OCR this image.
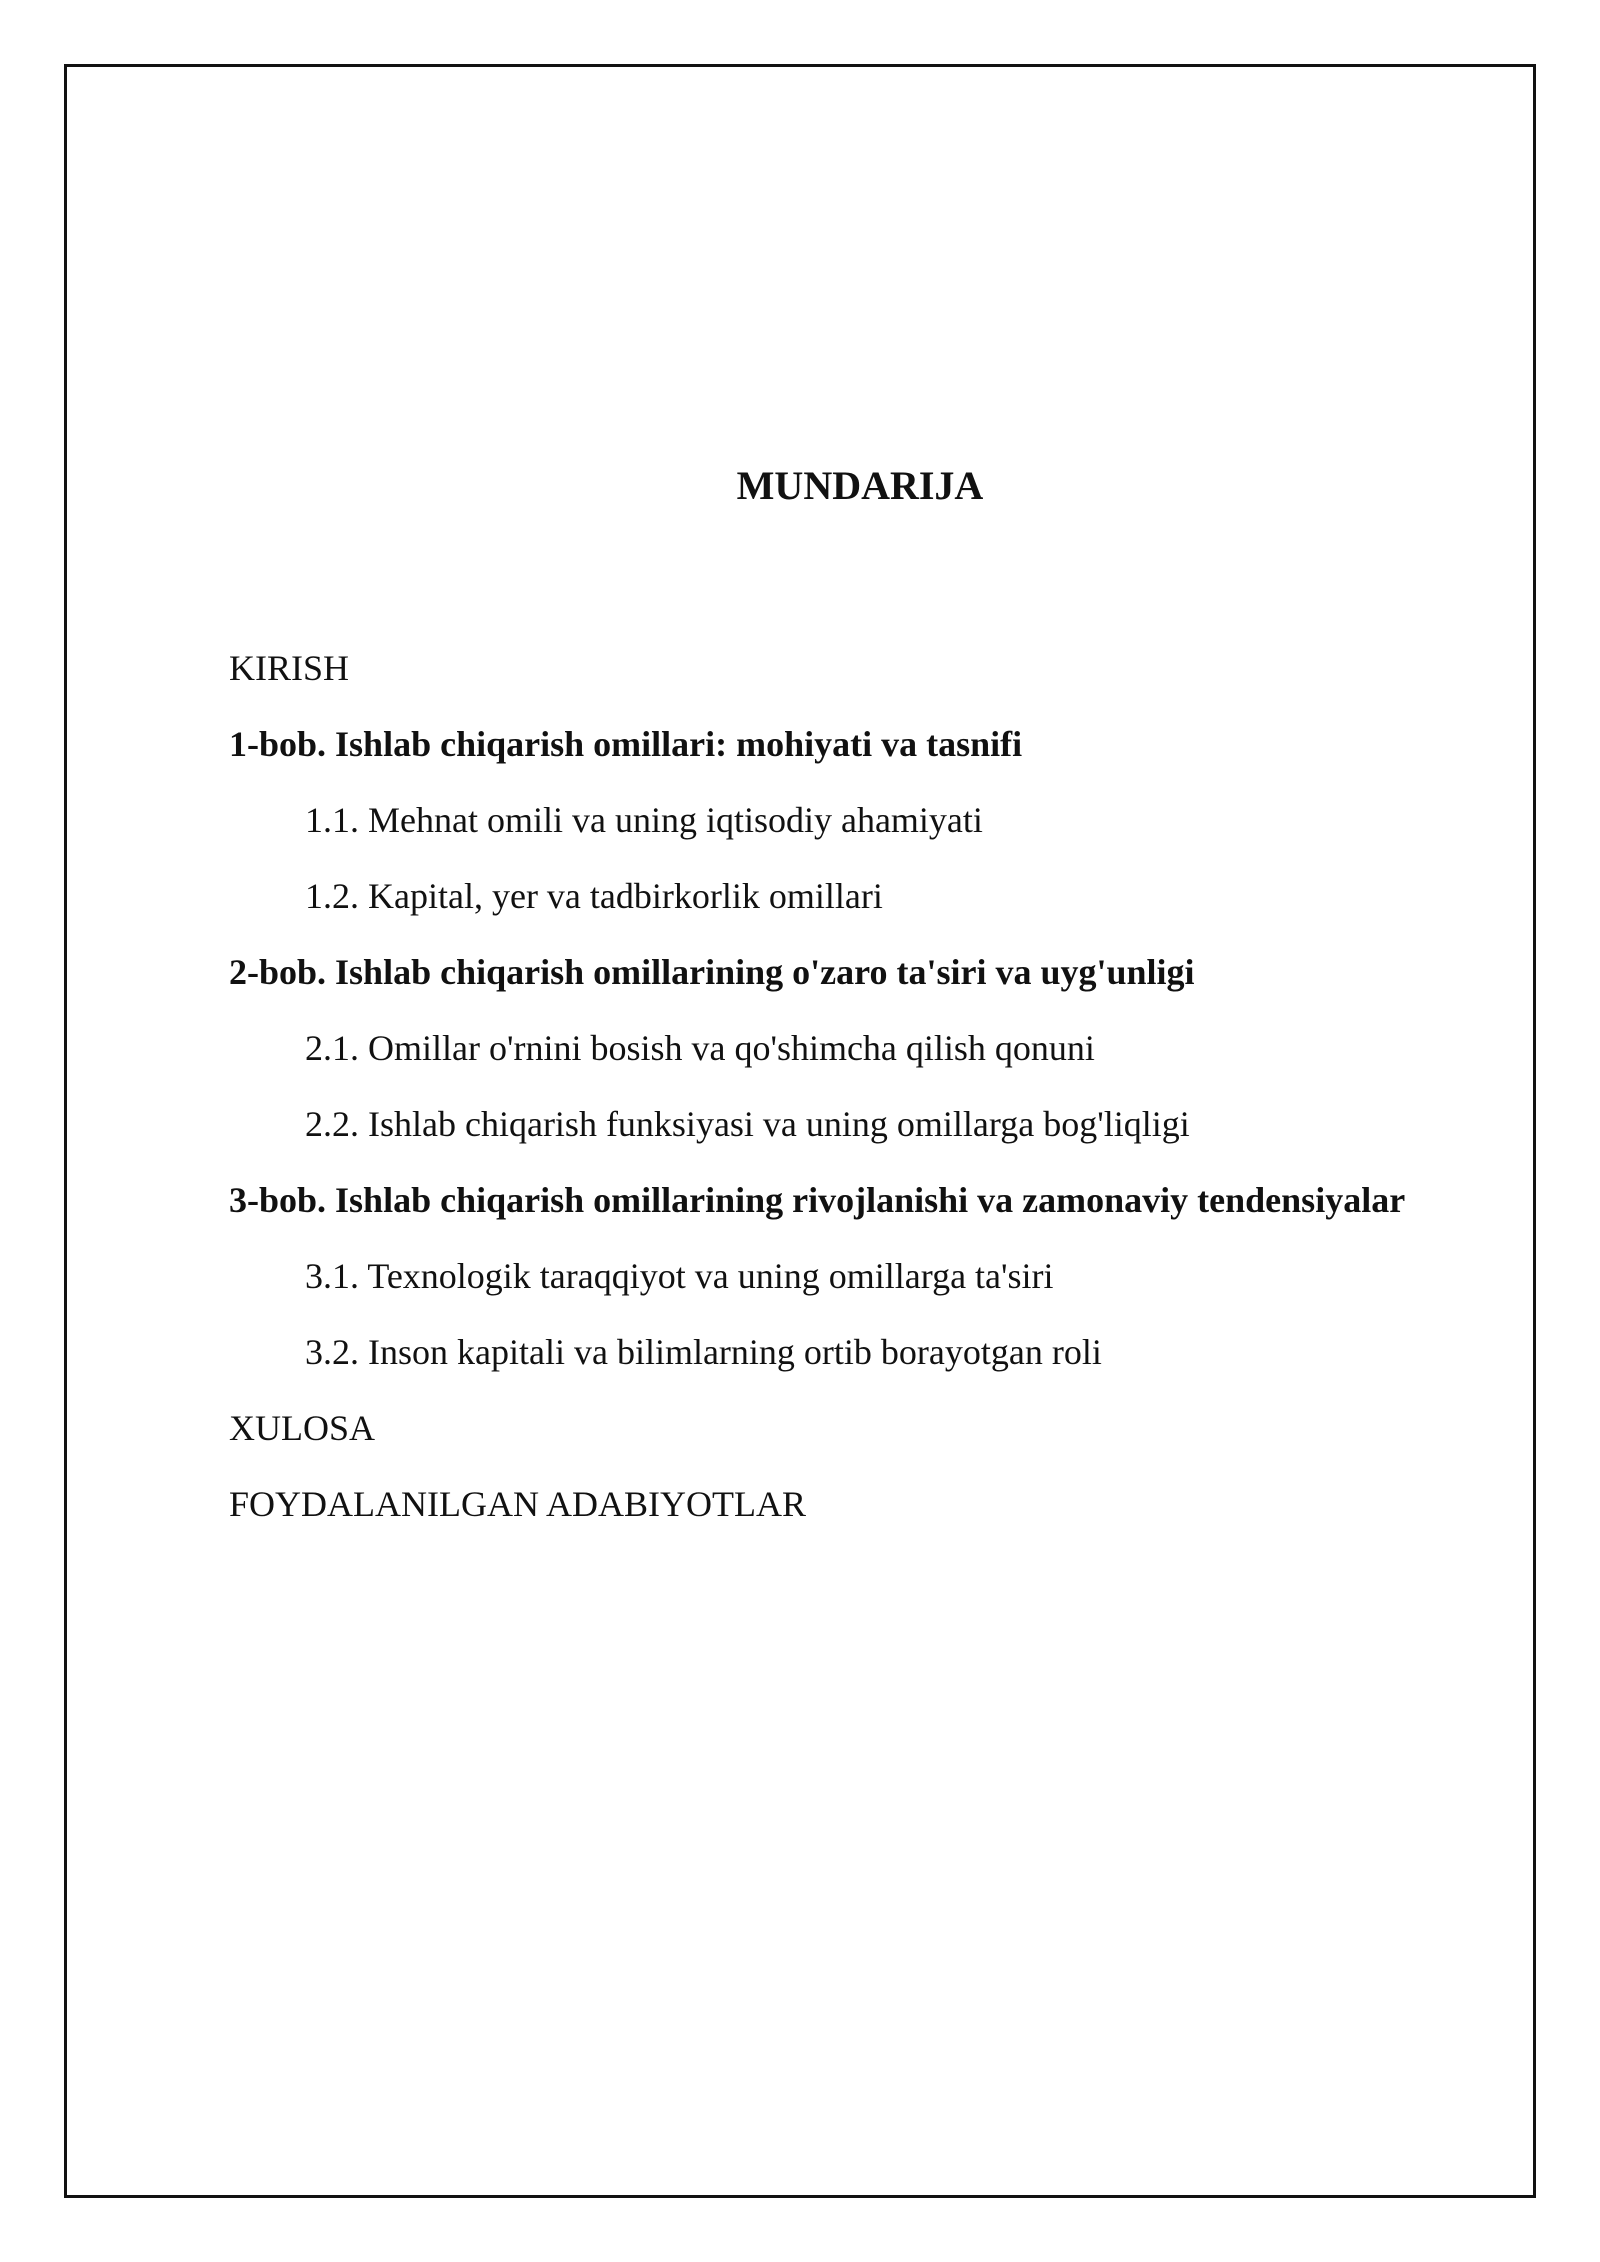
MUNDARIJA
KIRISH
1-bob. Ishlab chiqarish omillari: mohiyati va tasnifi
1.1. Mehnat omili va uning iqtisodiy ahamiyati
1.2. Kapital, yer va tadbirkorlik omillari
2-bob. Ishlab chiqarish omillarining o'zaro ta'siri va uyg'unligi
2.1. Omillar o'rnini bosish va qo'shimcha qilish qonuni
2.2. Ishlab chiqarish funksiyasi va uning omillarga bog'liqligi
3-bob. Ishlab chiqarish omillarining rivojlanishi va zamonaviy tendensiyalar
3.1. Texnologik taraqqiyot va uning omillarga ta'siri
3.2. Inson kapitali va bilimlarning ortib borayotgan roli
XULOSA
FOYDALANILGAN ADABIYOTLAR
